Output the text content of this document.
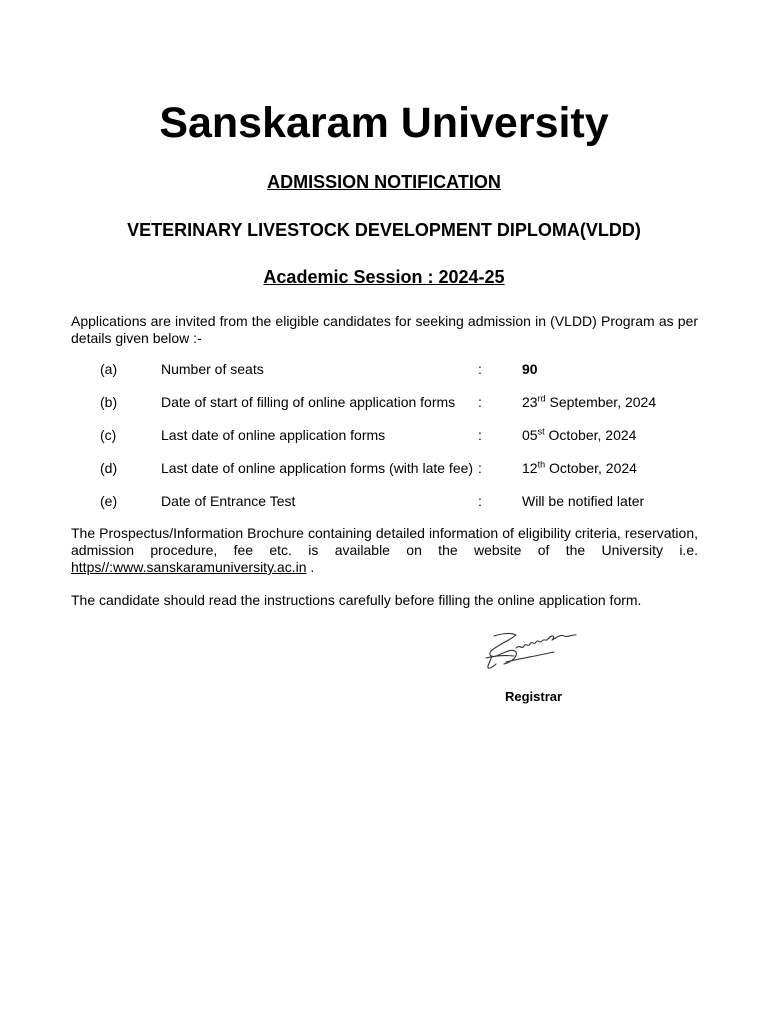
Sanskaram University
ADMISSION NOTIFICATION
VETERINARY LIVESTOCK DEVELOPMENT DIPLOMA(VLDD)
Academic Session : 2024-25
Applications are invited from the eligible candidates for seeking admission in (VLDD) Program as per details given below :-
(a)	Number of seats	:	90
(b)	Date of start of filling of online application forms :	23rd September, 2024
(c)	Last date of online application forms	:	05st October, 2024
(d)	Last date of online application forms (with late fee) :	12th October, 2024
(e)	Date of Entrance Test	:	Will be notified later
The Prospectus/Information Brochure containing detailed information of eligibility criteria, reservation,
admission procedure, fee etc. is available on the website of the University i.e.
https//:www.sanskaramuniversity.ac.in .
The candidate should read the instructions carefully before filling the online application form.
Registrar
